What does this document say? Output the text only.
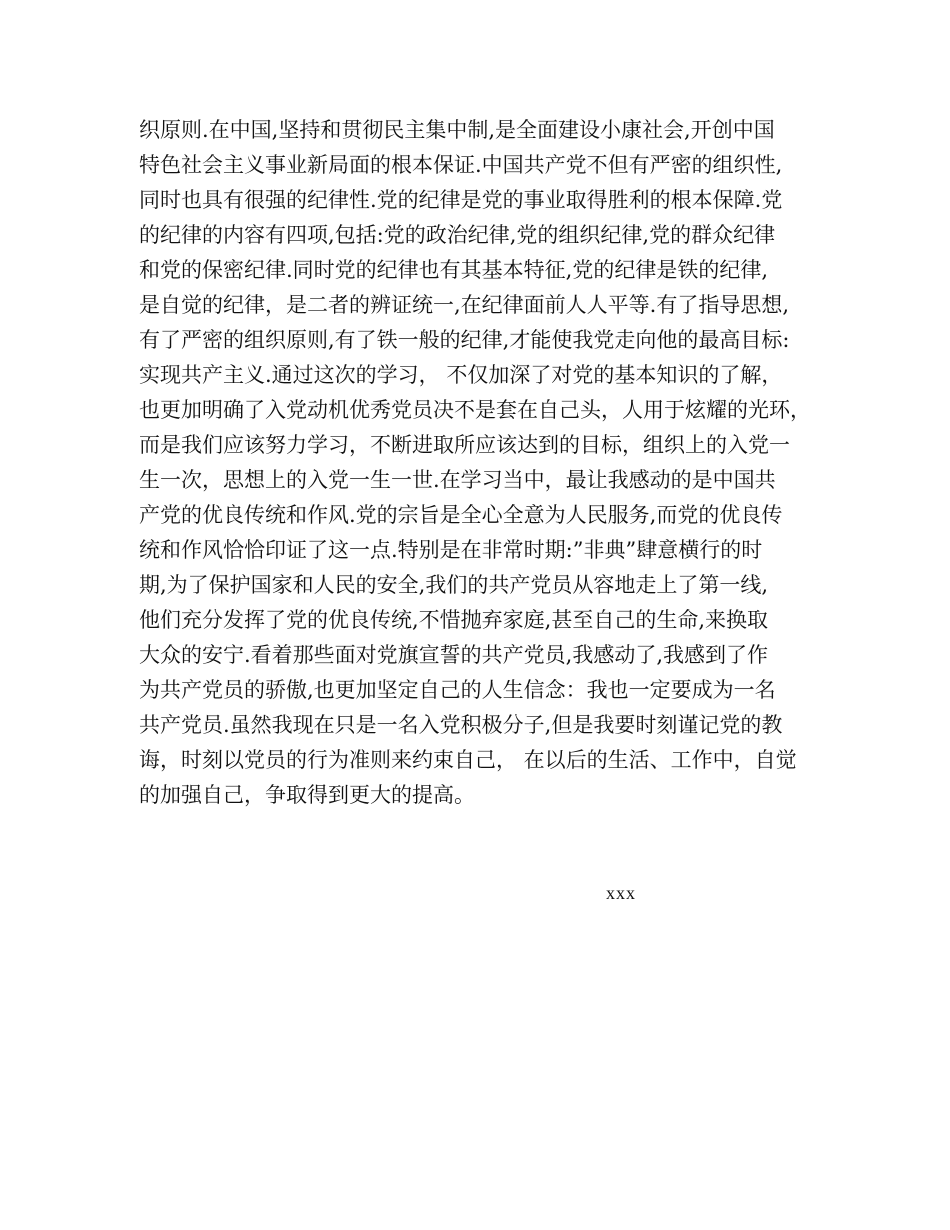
织原则.在中国,坚持和贯彻民主集中制,是全面建设小康社会,开创中国
特色社会主义事业新局面的根本保证.中国共产党不但有严密的组织性,
同时也具有很强的纪律性.党的纪律是党的事业取得胜利的根本保障.党
的纪律的内容有四项,包括:党的政治纪律,党的组织纪律,党的群众纪律
和党的保密纪律.同时党的纪律也有其基本特征,党的纪律是铁的纪律,
是自觉的纪律，是二者的辨证统一,在纪律面前人人平等.有了指导思想,
有了严密的组织原则,有了铁一般的纪律,才能使我党走向他的最高目标:
实现共产主义.通过这次的学习， 不仅加深了对党的基本知识的了解，
也更加明确了入党动机优秀党员决不是套在自己头，人用于炫耀的光环，
而是我们应该努力学习，不断进取所应该达到的目标，组织上的入党一
生一次，思想上的入党一生一世.在学习当中，最让我感动的是中国共
产党的优良传统和作风.党的宗旨是全心全意为人民服务,而党的优良传
统和作风恰恰印证了这一点.特别是在非常时期:”非典”肆意横行的时
期,为了保护国家和人民的安全,我们的共产党员从容地走上了第一线,
他们充分发挥了党的优良传统,不惜抛弃家庭,甚至自己的生命,来换取
大众的安宁.看着那些面对党旗宣誓的共产党员,我感动了,我感到了作
为共产党员的骄傲,也更加坚定自己的人生信念：我也一定要成为一名
共产党员.虽然我现在只是一名入党积极分子,但是我要时刻谨记党的教
诲，时刻以党员的行为准则来约束自己， 在以后的生活、工作中，自觉
的加强自己，争取得到更大的提高。
xxx
